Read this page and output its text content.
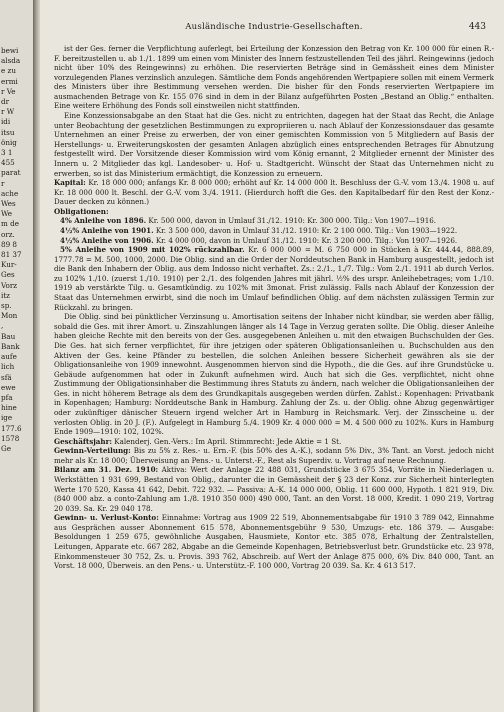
bewi
alsda
e zu
ermi
r Ve
dr
r W
idi
itsu
önig
3 1
455
parat
r
ache
Wes
We
m de
orz.
89 8
81 37
Kur-
Ges
Vorz
itz
sp.
Mon
,
Bau
Bank
aufe
lich
sfä
ewe
pfa
hine
ige
177.6
1578
Ge
Ausländische Industrie-Gesellschaften.	443

ist der Ges. ferner die Verpflichtung auferlegt, bei Erteilung der Konzession den Betrag von Kr. 100 000 für einen R.-F. bereitzustellen u. ab 1./1. 1899 um einen vom Minister des Innern festzustellenden Teil des jährl. Reingewinns (jedoch nicht über 10% des Reingewinns) zu erhöhen. Die reservierten Beträge sind in Gemässheit eines dem Minister vorzulegenden Planes verzinslich anzulegen. Sämtliche dem Fonds angehörenden Wertpapiere sollen mit einem Vermerk des Ministers über ihre Bestimmung versehen werden. Die bisher für den Fonds reservierten Wertpapiere im ausmachenden Betrage von Kr. 155 076 sind in dem in der Bilanz aufgeführten Posten „Bestand an Oblig.“ enthalten. Eine weitere Erhöhung des Fonds soll einstweilen nicht stattfinden.

Eine Konzessionsabgabe an den Staat hat die Ges. nicht zu entrichten, dagegen hat der Staat das Recht, die Anlage unter Beobachtung der gesetzlichen Bestimmungen zu expropriieren u. nach Ablauf der Konzessionsdauer das gesamte Unternehmen an einer Preise zu erwerben, der von einer gemischten Kommission von 5 Mitgliedern auf Basis der Herstellungs- u. Erweiterungskosten der gesamten Anlagen abzüglich eines entsprechenden Betrages für Abnutzung festgestellt wird. Der Vorsitzende dieser Kommission wird vom König ernannt, 2 Mitglieder ernennt der Minister des Innern u. 2 Mitglieder das kgl. Landesober- u. Hof- u. Stadtgericht. Wünscht der Staat das Unternehmen nicht zu erwerben, so ist das Ministerium ermächtigt, die Konzession zu erneuern.

Kapital: Kr. 18 000 000; anfangs Kr. 8 000 000; erhöht auf Kr. 14 000 000 lt. Beschluss der G.-V. vom 13./4. 1908 u. auf Kr. 18 000 000 lt. Beschl. der G.-V. vom 3./4. 1911. (Hierdurch hofft die Ges. den Kapitalbedarf für den Rest der Konz.-Dauer decken zu können.)

Obligationen:

4% Anleihe von 1896. Kr. 500 000, davon in Umlauf 31./12. 1910: Kr. 300 000. Tilg.: Von 1907—1916.

4½% Anleihe von 1901. Kr. 3 500 000, davon in Umlauf 31./12. 1910: Kr. 2 100 000. Tilg.: Von 1903—1922.

4½% Anleihe von 1906. Kr. 4 000 000, davon in Umlauf 31./12. 1910: Kr. 3 200 000. Tilg.: Von 1907—1926.

5% Anleihe von 1909 mit 102% rückzahlbar. Kr. 6 000 000 = M. 6 750 000 in Stücken à Kr. 444.44, 888.89, 1777.78 = M. 500, 1000, 2000. Die Oblig. sind an die Order der Norddeutschen Bank in Hamburg ausgestellt, jedoch ist die Bank den Inhabern der Oblig. aus dem Indosso nicht verhaftet. Zs.: 2./1., 1./7. Tilg.: Vom 2./1. 1911 ab durch Verlos. zu 102% 1./10. (zuerst 1./10. 1910) per 2./1. des folgenden Jahres mit jährl. ½% des urspr. Anleihebetrages; vom 1./10. 1919 ab verstärkte Tilg. u. Gesamtkündig. zu 102% mit 3monat. Frist zulässig. Falls nach Ablauf der Konzession der Staat das Unternehmen erwirbt, sind die noch im Umlauf befindlichen Oblig. auf dem nächsten zulässigen Termin zur Rückzahl. zu bringen.

Die Oblig. sind bei pünktlicher Verzinsung u. Amortisation seitens der Inhaber nicht kündbar, sie werden aber fällig, sobald die Ges. mit ihrer Amort. u. Zinszahlungen länger als 14 Tage in Verzug geraten sollte. Die Oblig. dieser Anleihe haben gleiche Rechte mit den bereits von der Ges. ausgegebenen Anleihen u. mit den etwaigen Buchschulden der Ges. Die Ges. hat sich ferner verpflichtet, für ihre jetzigen oder späteren Obligationsanleihen u. Buchschulden aus den Aktiven der Ges. keine Pfänder zu bestellen, die solchen Anleihen bessere Sicherheit gewähren als sie der Obligationsanleihe von 1909 innewohnt. Ausgenommen hiervon sind die Hypoth., die die Ges. auf ihre Grundstücke u. Gebäude aufgenommen hat oder in Zukunft aufnehmen wird. Auch hat sich die Ges. verpflichtet, nicht ohne Zustimmung der Obligationsinhaber die Bestimmung ihres Statuts zu ändern, nach welcher die Obligationsanleihen der Ges. in nicht höherem Betrage als dem des Grundkapitals ausgegeben werden dürfen. Zahlst.: Kopenhagen: Privatbank in Kopenhagen; Hamburg: Norddeutsche Bank in Hamburg. Zahlung der Zs. u. der Oblig. ohne Abzug gegenwärtiger oder zukünftiger dänischer Steuern irgend welcher Art in Hamburg in Reichsmark. Verj. der Zinsscheine u. der verlosten Oblig. in 20 J. (F.). Aufgelegt in Hamburg 5./4. 1909 Kr. 4 000 000 = M. 4 500 000 zu 102%. Kurs in Hamburg Ende 1909—1910: 102, 102%.

Geschäftsjahr: Kalenderj. Gen.-Vers.: Im April. Stimmrecht: Jede Aktie = 1 St.

Gewinn-Verteilung: Bis zu 5% z. Res.- u. Ern.-F. (bis 50% des A.-K.), sodann 5% Div., 3% Tant. an Vorst. jedoch nicht mehr als Kr. 18 000; Überweisung an Pens.- u. Unterst.-F., Rest als Superdiv. u. Vortrag auf neue Rechnung.

Bilanz am 31. Dez. 1910: Aktiva: Wert der Anlage 22 488 031, Grundstücke 3 675 354, Vorräte in Niederlagen u. Werkstätten 1 931 699, Bestand von Oblig., darunter die in Gemässheit der § 23 der Konz. zur Sicherheit hinterlegten Werte 170 520, Kassa 41 642, Debit. 722 932. — Passiva: A.-K. 14 000 000, Oblig. 11 600 000, Hypoth. 1 821 919, Div. (840 000 abz. a conto-Zahlung am 1./8. 1910 350 000) 490 000, Tant. an den Vorst. 18 000, Kredit. 1 090 219, Vortrag 20 039. Sa. Kr. 29 040 178.

Gewinn- u. Verlust-Konto: Einnahme: Vortrag aus 1909 22 519, Abonnementsabgabe für 1910 3 789 042, Einnahme aus Gesprächen ausser Abonnement 615 578, Abonnementsgebühr 9 530, Umzugs- etc. 186 379. — Ausgabe: Besoldungen 1 259 675, gewöhnliche Ausgaben, Hausmiete, Kontor etc. 385 078, Erhaltung der Zentralstellen, Leitungen, Apparate etc. 667 282, Abgabe an die Gemeinde Kopenhagen, Betriebsverlust betr. Grundstücke etc. 23 978, Einkommensteuer 30 752, Zs. u. Provis. 393 762, Abschreib. auf Wert der Anlage 875 000, 6% Div. 840 000, Tant. an Vorst. 18 000, Überweis. an den Pens.- u. Unterstütz.-F. 100 000, Vortrag 20 039. Sa. Kr. 4 613 517.
